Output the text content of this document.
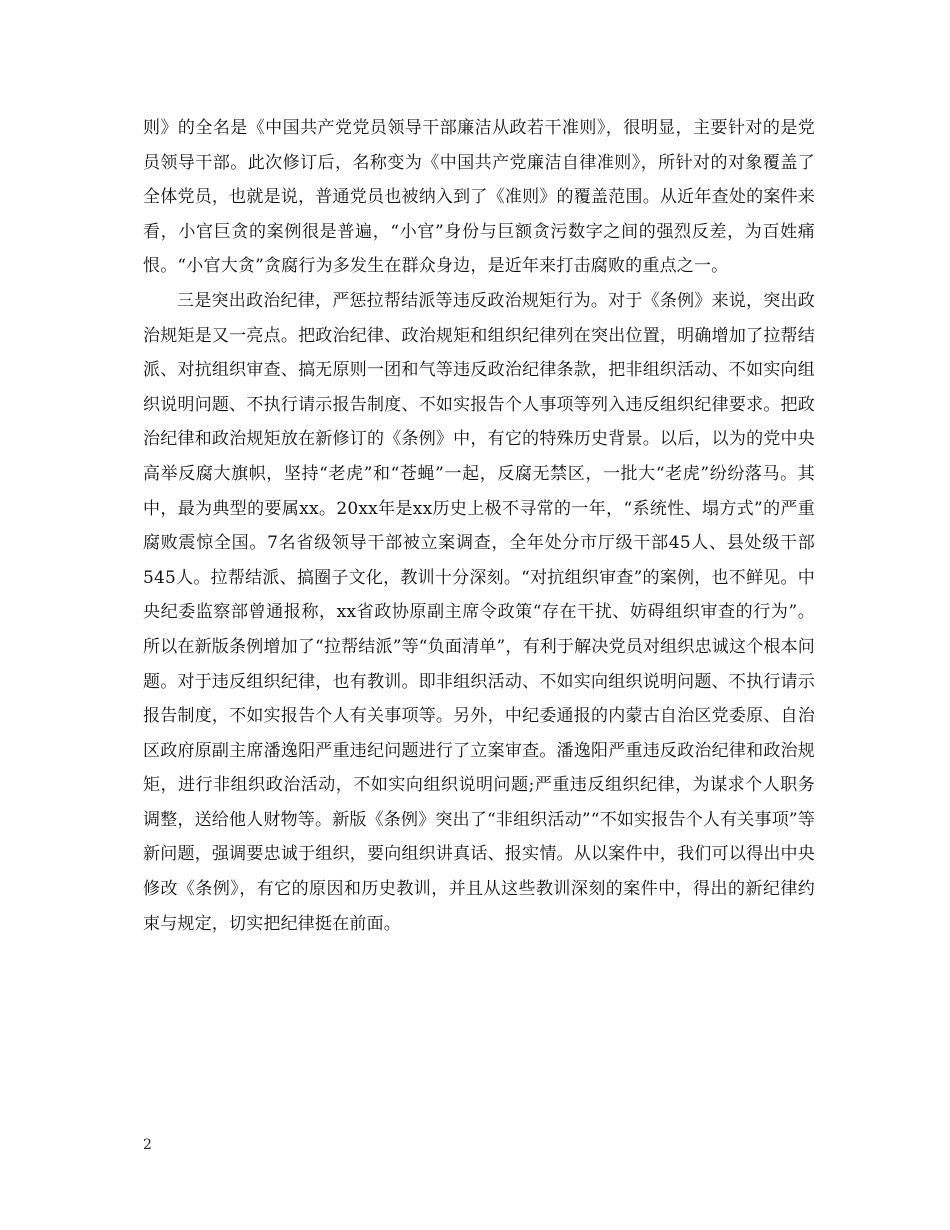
则》的全名是《中国共产党党员领导干部廉洁从政若干准则》，很明显，主要针对的是党员领导干部。此次修订后，名称变为《中国共产党廉洁自律准则》，所针对的对象覆盖了全体党员，也就是说，普通党员也被纳入到了《准则》的覆盖范围。从近年查处的案件来看，小官巨贪的案例很是普遍，“小官”身份与巨额贪污数字之间的强烈反差，为百姓痛恨。“小官大贪”贪腐行为多发生在群众身边，是近年来打击腐败的重点之一。

三是突出政治纪律，严惩拉帮结派等违反政治规矩行为。对于《条例》来说，突出政治规矩是又一亮点。把政治纪律、政治规矩和组织纪律列在突出位置，明确增加了拉帮结派、对抗组织审查、搞无原则一团和气等违反政治纪律条款，把非组织活动、不如实向组织说明问题、不执行请示报告制度、不如实报告个人事项等列入违反组织纪律要求。把政治纪律和政治规矩放在新修订的《条例》中，有它的特殊历史背景。以后，以为的党中央高举反腐大旗帜，坚持“老虎”和“苍蝇”一起，反腐无禁区，一批大“老虎”纷纷落马。其中，最为典型的要属xx。20xx年是xx历史上极不寻常的一年，“系统性、塌方式”的严重腐败震惊全国。7名省级领导干部被立案调查，全年处分市厅级干部45人、县处级干部545人。拉帮结派、搞圈子文化，教训十分深刻。“对抗组织审查”的案例，也不鲜见。中央纪委监察部曾通报称，xx省政协原副主席令政策“存在干扰、妨碍组织审查的行为”。所以在新版条例增加了“拉帮结派”等“负面清单”，有利于解决党员对组织忠诚这个根本问题。对于违反组织纪律，也有教训。即非组织活动、不如实向组织说明问题、不执行请示报告制度，不如实报告个人有关事项等。另外，中纪委通报的内蒙古自治区党委原、自治区政府原副主席潘逸阳严重违纪问题进行了立案审查。潘逸阳严重违反政治纪律和政治规矩，进行非组织政治活动，不如实向组织说明问题;严重违反组织纪律，为谋求个人职务调整，送给他人财物等。新版《条例》突出了“非组织活动”“不如实报告个人有关事项”等新问题，强调要忠诚于组织，要向组织讲真话、报实情。从以案件中，我们可以得出中央修改《条例》，有它的原因和历史教训，并且从这些教训深刻的案件中，得出的新纪律约束与规定，切实把纪律挺在前面。

2
